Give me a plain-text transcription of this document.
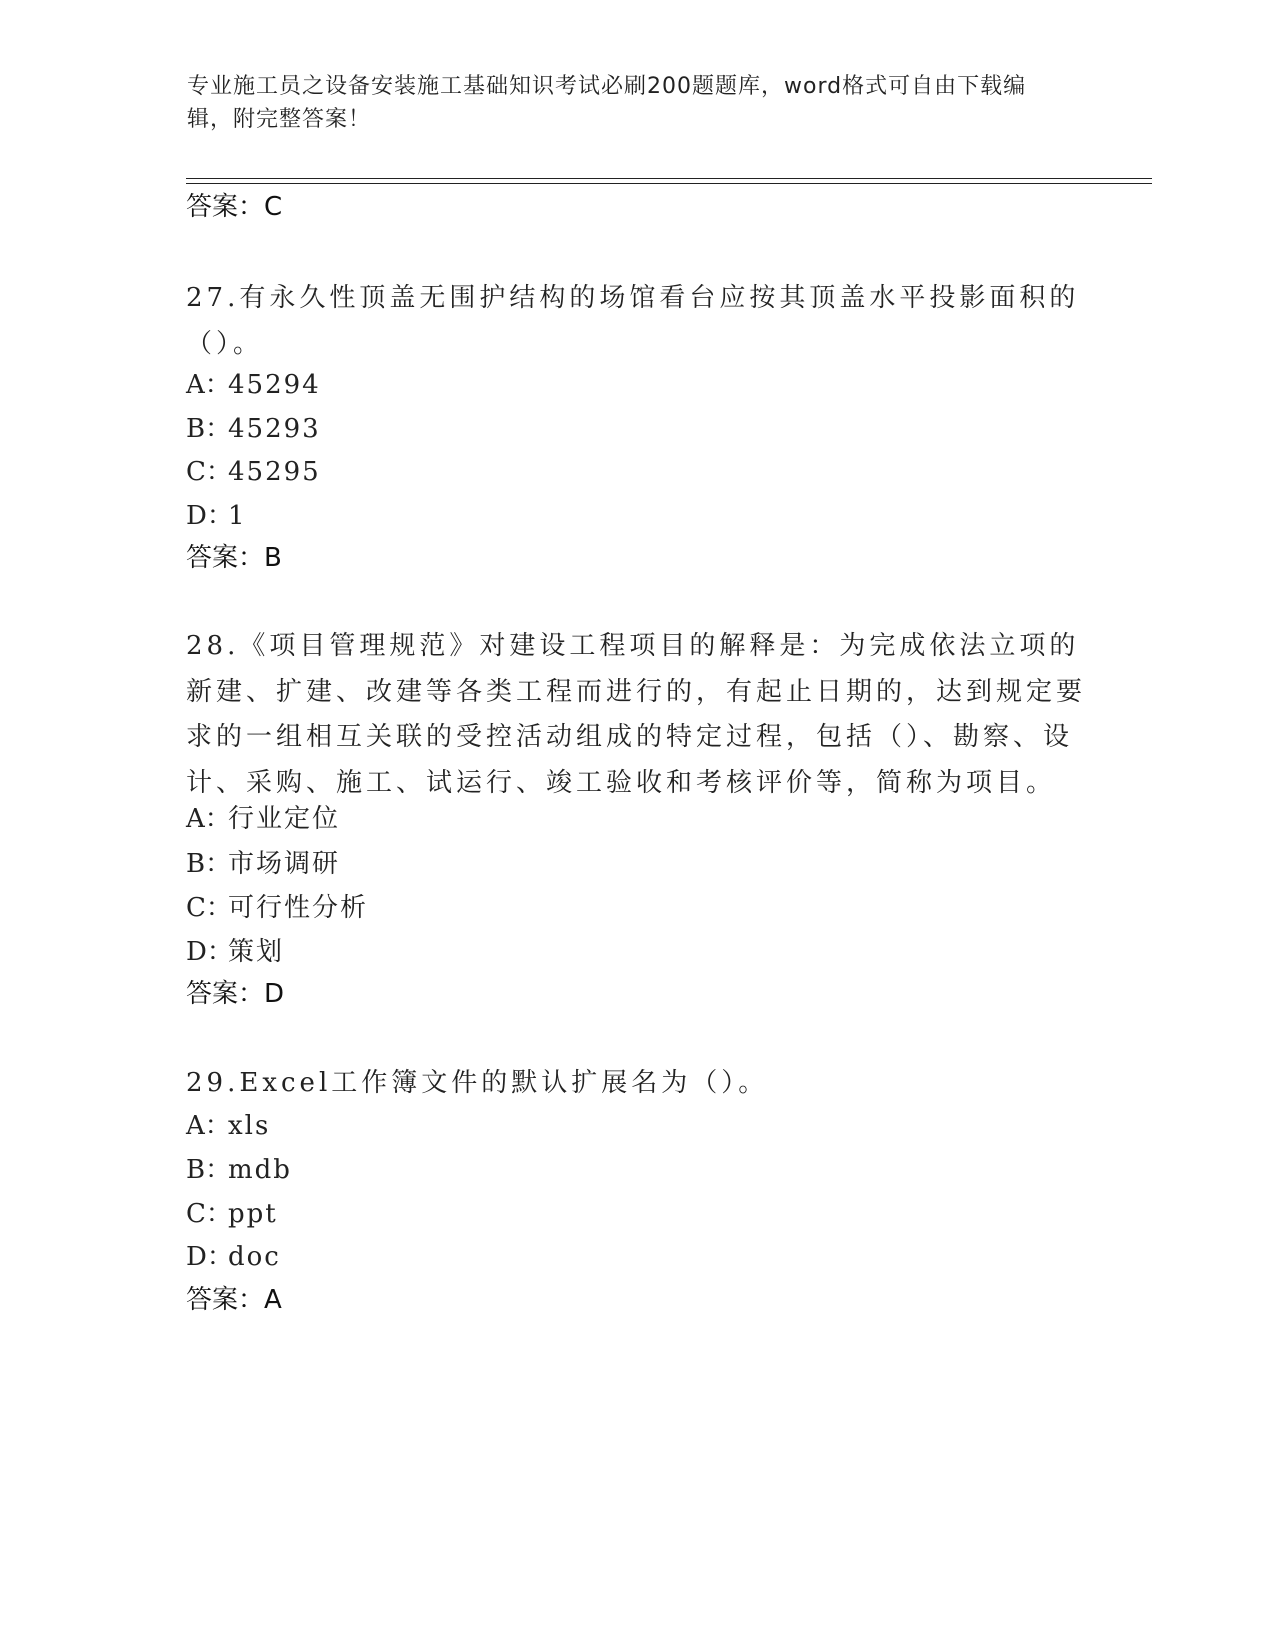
专业施工员之设备安装施工基础知识考试必刷200题题库，word格式可自由下载编辑，附完整答案！
答案：C
27.有永久性顶盖无围护结构的场馆看台应按其顶盖水平投影面积的（）。
A：45294
B：45293
C：45295
D：1
答案：B
28.《项目管理规范》对建设工程项目的解释是：为完成依法立项的新建、扩建、改建等各类工程而进行的，有起止日期的，达到规定要求的一组相互关联的受控活动组成的特定过程，包括（）、勘察、设计、采购、施工、试运行、竣工验收和考核评价等，简称为项目。
A：行业定位
B：市场调研
C：可行性分析
D：策划
答案：D
29.Excel工作簿文件的默认扩展名为（）。
A：xls
B：mdb
C：ppt
D：doc
答案：A
